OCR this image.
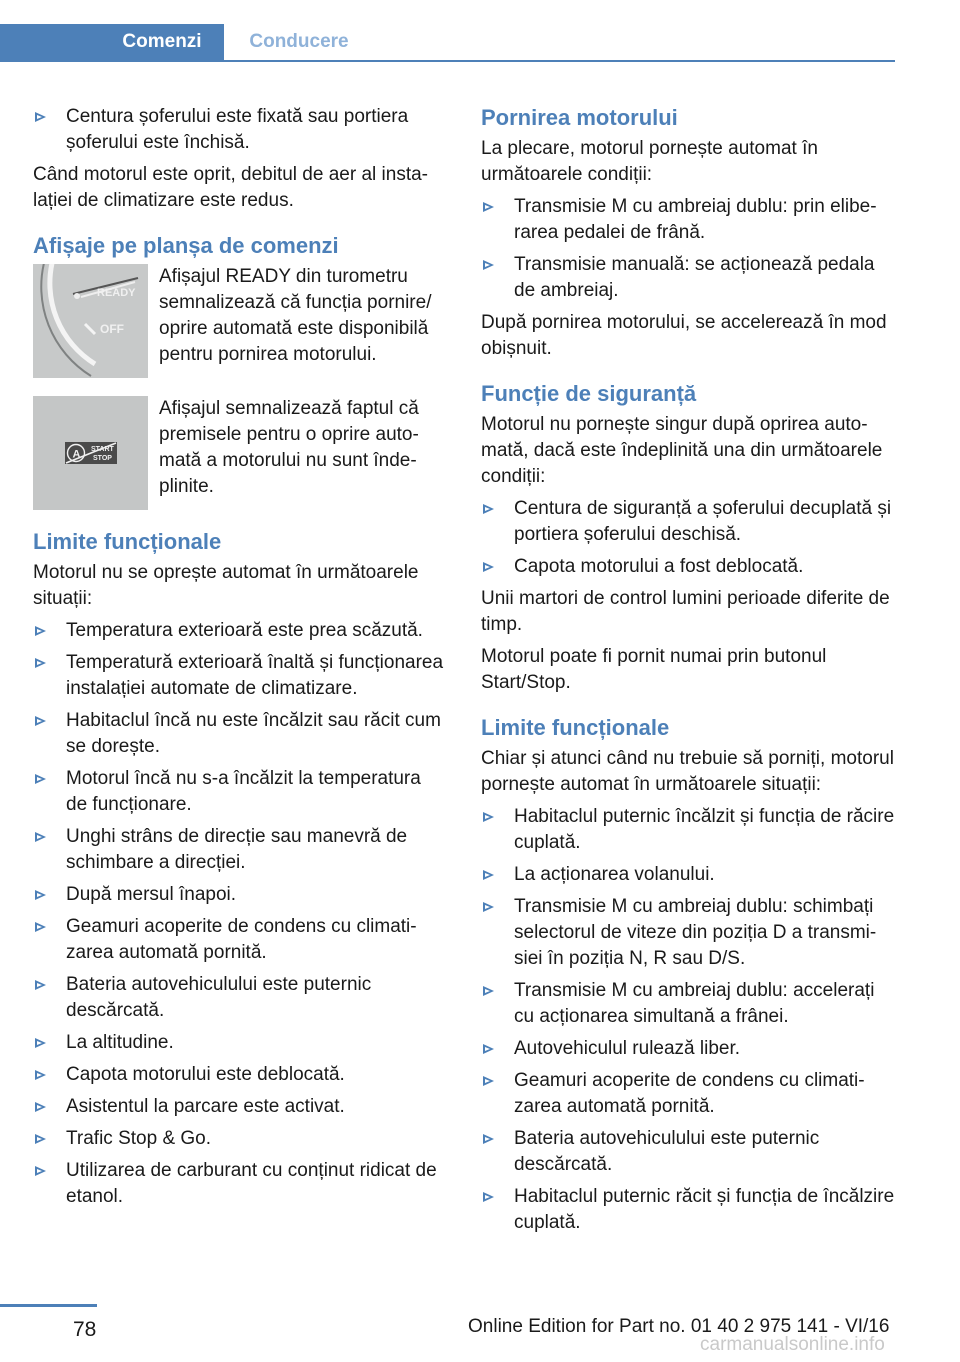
Comenzi	Conducere
Centura șoferului este fixată sau portiera șoferului este închisă.

Când motorul este oprit, debitul de aer al instalației de climatizare este redus.

Afișaje pe planșa de comenzi
READY
OFF
Afișajul READY din turometru semnalizează că funcția pornire/ oprire automată este disponibilă pentru pornirea motorului.
A START
STOP
Afișajul semnalizează faptul că premisele pentru o oprire automată a motorului nu sunt îndeplinite.
Limite funcționale

Motorul nu se oprește automat în următoarele situații:

Temperatura exterioară este prea scăzută.
Temperatură exterioară înaltă și funcționarea instalației automate de climatizare.
Habitaclul încă nu este încălzit sau răcit cum se dorește.
Motorul încă nu s-a încălzit la temperatura de funcționare.
Unghi strâns de direcție sau manevră de schimbare a direcției.
După mersul înapoi.
Geamuri acoperite de condens cu climatizarea automată pornită.
Bateria autovehiculului este puternic descărcată.
La altitudine.
Capota motorului este deblocată.
Asistentul la parcare este activat.
Trafic Stop & Go.
Utilizarea de carburant cu conținut ridicat de etanol.
Pornirea motorului

La plecare, motorul pornește automat în următoarele condiții:

Transmisie M cu ambreiaj dublu: prin eliberarea pedalei de frână.
Transmisie manuală: se acționează pedala de ambreiaj.

După pornirea motorului, se accelerează în mod obișnuit.

Funcție de siguranță

Motorul nu pornește singur după oprirea automată, dacă este îndeplinită una din următoarele condiții:

Centura de siguranță a șoferului decuplată și portiera șoferului deschisă.
Capota motorului a fost deblocată.

Unii martori de control lumini perioade diferite de timp.

Motorul poate fi pornit numai prin butonul Start/Stop.

Limite funcționale

Chiar și atunci când nu trebuie să porniți, motorul pornește automat în următoarele situații:

Habitaclul puternic încălzit și funcția de răcire cuplată.
La acționarea volanului.
Transmisie M cu ambreiaj dublu: schimbați selectorul de viteze din poziția D a transmisiei în poziția N, R sau D/S.
Transmisie M cu ambreiaj dublu: accelerați cu acționarea simultană a frânei.
Autovehiculul rulează liber.
Geamuri acoperite de condens cu climatizarea automată pornită.
Bateria autovehiculului este puternic descărcată.
Habitaclul puternic răcit și funcția de încălzire cuplată.
78	Online Edition for Part no. 01 40 2 975 141 - VI/16
carmanualsonline.info
